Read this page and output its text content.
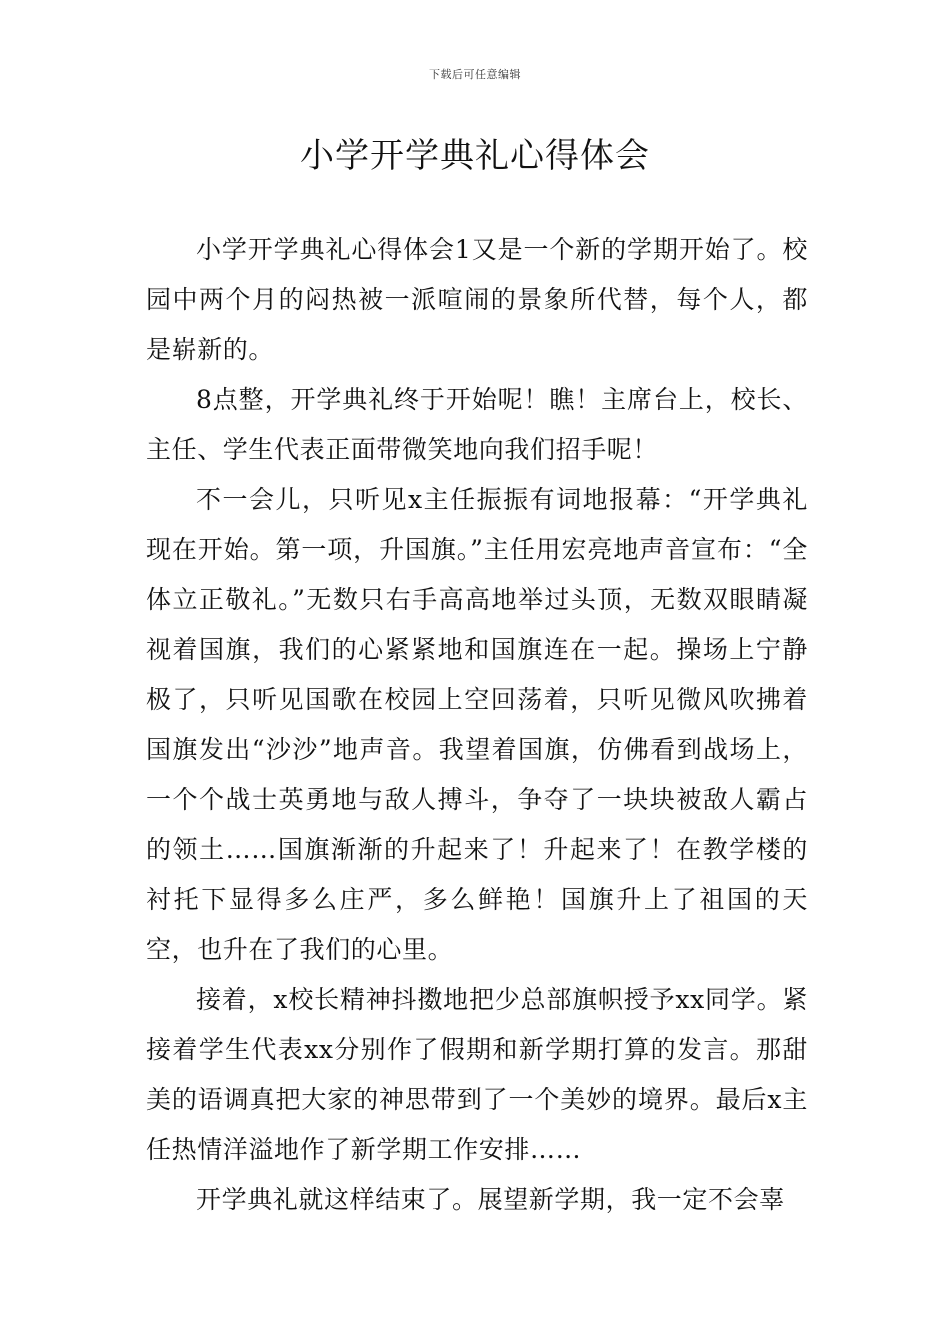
下载后可任意编辑
小学开学典礼心得体会

小学开学典礼心得体会1又是一个新的学期开始了。校园中两个月的闷热被一派喧闹的景象所代替，每个人，都是崭新的。

8点整，开学典礼终于开始呢！瞧！主席台上，校长、主任、学生代表正面带微笑地向我们招手呢！

不一会儿，只听见x主任振振有词地报幕：“开学典礼现在开始。第一项，升国旗。”主任用宏亮地声音宣布：“全体立正敬礼。”无数只右手高高地举过头顶，无数双眼睛凝视着国旗，我们的心紧紧地和国旗连在一起。操场上宁静极了，只听见国歌在校园上空回荡着，只听见微风吹拂着国旗发出“沙沙”地声音。我望着国旗，仿佛看到战场上，一个个战士英勇地与敌人搏斗，争夺了一块块被敌人霸占的领土……国旗渐渐的升起来了！升起来了！在教学楼的衬托下显得多么庄严，多么鲜艳！国旗升上了祖国的天空，也升在了我们的心里。

接着，x校长精神抖擞地把少总部旗帜授予xx同学。紧接着学生代表xx分别作了假期和新学期打算的发言。那甜美的语调真把大家的神思带到了一个美妙的境界。最后x主任热情洋溢地作了新学期工作安排……

开学典礼就这样结束了。展望新学期，我一定不会辜
